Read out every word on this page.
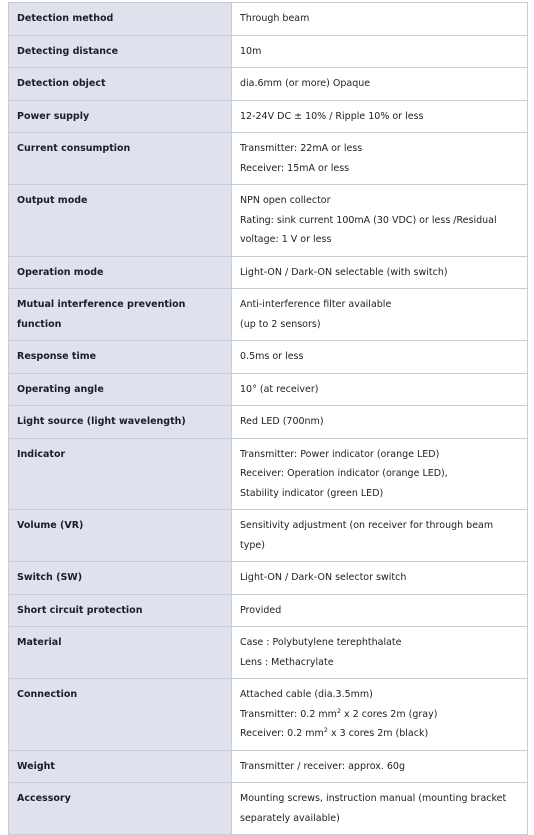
Detection method	Through beam

Detecting distance	10m

Detection object	dia.6mm (or more) Opaque

Power supply	12-24V DC ± 10% / Ripple 10% or less

Current consumption	Transmitter: 22mA or less
Receiver: 15mA or less

Output mode	NPN open collector
Rating: sink current 100mA (30 VDC) or less /Residual voltage: 1 V or less

Operation mode	Light-ON / Dark-ON selectable (with switch)

Mutual interference prevention function	Anti-interference filter available
(up to 2 sensors)

Response time	0.5ms or less

Operating angle	10° (at receiver)

Light source (light wavelength)	Red LED (700nm)

Indicator	Transmitter: Power indicator (orange LED)
Receiver: Operation indicator (orange LED),
Stability indicator (green LED)

Volume (VR)	Sensitivity adjustment (on receiver for through beam type)

Switch (SW)	Light-ON / Dark-ON selector switch

Short circuit protection	Provided

Material	Case : Polybutylene terephthalate
Lens : Methacrylate

Connection	Attached cable (dia.3.5mm)
Transmitter: 0.2 $mm^2$ x 2 cores 2m (gray)
Receiver: 0.2 $mm^2$ x 3 cores 2m (black)

Weight	Transmitter / receiver: approx. 60g

Accessory	Mounting screws, instruction manual (mounting bracket separately available)
